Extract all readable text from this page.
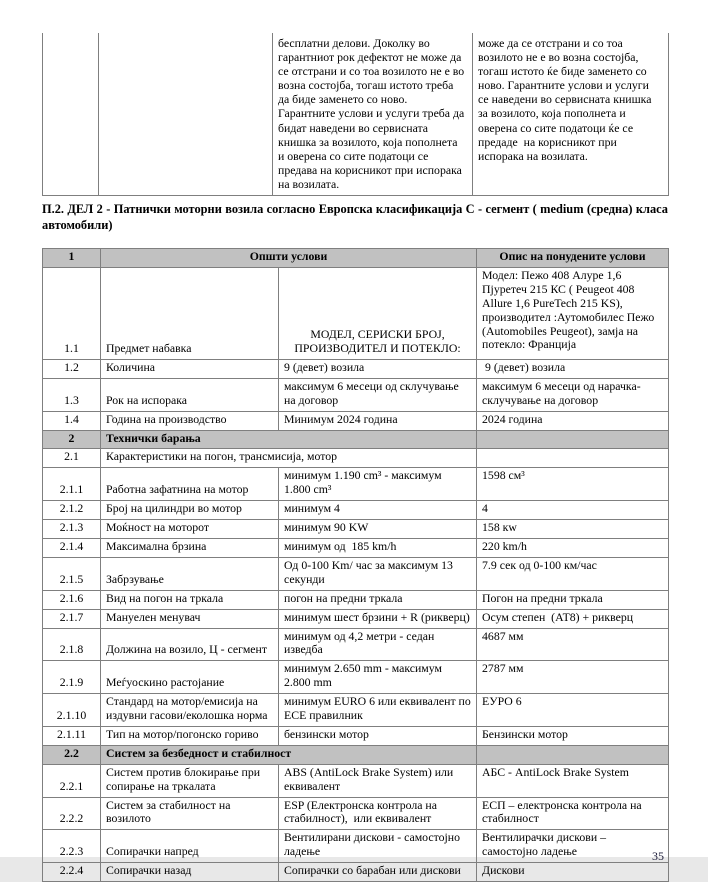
		бесплатни делови. Доколку во гарантниот рок дефектот не може да се отстрани и со тоа возилото не е во возна состојба, тогаш истото треба да биде заменето со ново. Гарантните услови и услуги треба да бидат наведени во сервисната книшка за возилото, која пополнета и оверена со сите податоци се предава на корисникот при испорака на возилата.	може да се отстрани и со тоа возилото не е во возна состојба, тогаш истото ќе биде заменето со ново. Гарантните услови и услуги се наведени во сервисната книшка за возилото, која пополнета и оверена со сите податоци ќе се предаде  на корисникот при испорака на возилата.
П.2. ДЕЛ 2 - Патнички моторни возила согласно Европска класификација С - сегмент ( medium (средна) класа автомобили)
1	Општи услови		Опис на понудените услови
1.1	Предмет набавка	МОДЕЛ, СЕРИСКИ БРОЈ, ПРОИЗВОДИТЕЛ И ПОТЕКЛО:	Модел: Пежо 408 Алуре 1,6 Пјуретеч 215 КС ( Peugeot 408 Allure 1,6 PureTech 215 KS), производител :Аутомобилес Пежо (Automobiles Peugeot), замја на потекло: Франција
1.2	Количина	9 (девет) возила	9 (девет) возила
1.3	Рок на испорака	максимум 6 месеци од склучување на договор	максимум 6 месеци од нарачка-склучување на договор
1.4	Година на производство	Минимум 2024 година	2024 година
2	Технички барања		
2.1	Карактеристики на погон, трансмисија, мотор		
2.1.1	Работна зафатнина на мотор	минимум 1.190 cm³ - максимум 1.800 cm³	1598 см³
2.1.2	Број на цилиндри во мотор	минимум 4	4
2.1.3	Моќност на моторот	минимум 90 KW	158 кw
2.1.4	Максимална брзина	минимум од  185 km/h	220 km/h
2.1.5	Забрзување	Од 0-100 Km/ час за максимум 13 секунди	7.9 сек од 0-100 км/час
2.1.6	Вид на погон на тркала	погон на предни тркала	Погон на предни тркала
2.1.7	Мануелен менувач	минимум шест брзини + R (рикверц)	Осум степен  (АТ8) + рикверц
2.1.8	Должина на возило, Ц - сегмент	минимум од 4,2 метри - седан изведба	4687 мм
2.1.9	Меѓуоскино растојание	минимум 2.650 mm - максимум 2.800 mm	2787 мм
2.1.10	Стандард на мотор/емисија на издувни гасови/еколошка норма	минимум EURO 6 или еквивалент по ЕСЕ правилник	ЕУРО 6
2.1.11	Тип на мотор/погонско гориво	бензински мотор	Бензински мотор
2.2	Систем за безбедност и стабилност		
2.2.1	Систем против блокирање при сопирање на тркалата	ABS (AntiLock Brake System) или еквивалент	АБС - AntiLock Brake System
2.2.2	Систем за стабилност на возилото	ESP (Електронска контрола на стабилност),  или еквивалент	ЕСП – електронска контрола на стабилност
2.2.3	Сопирачки напред	Вентилирани дискови - самостојно ладење	Вентилирачки дискови – самостојно ладење
2.2.4	Сопирачки назад	Сопирачки со барабан или дискови	Дискови
35
